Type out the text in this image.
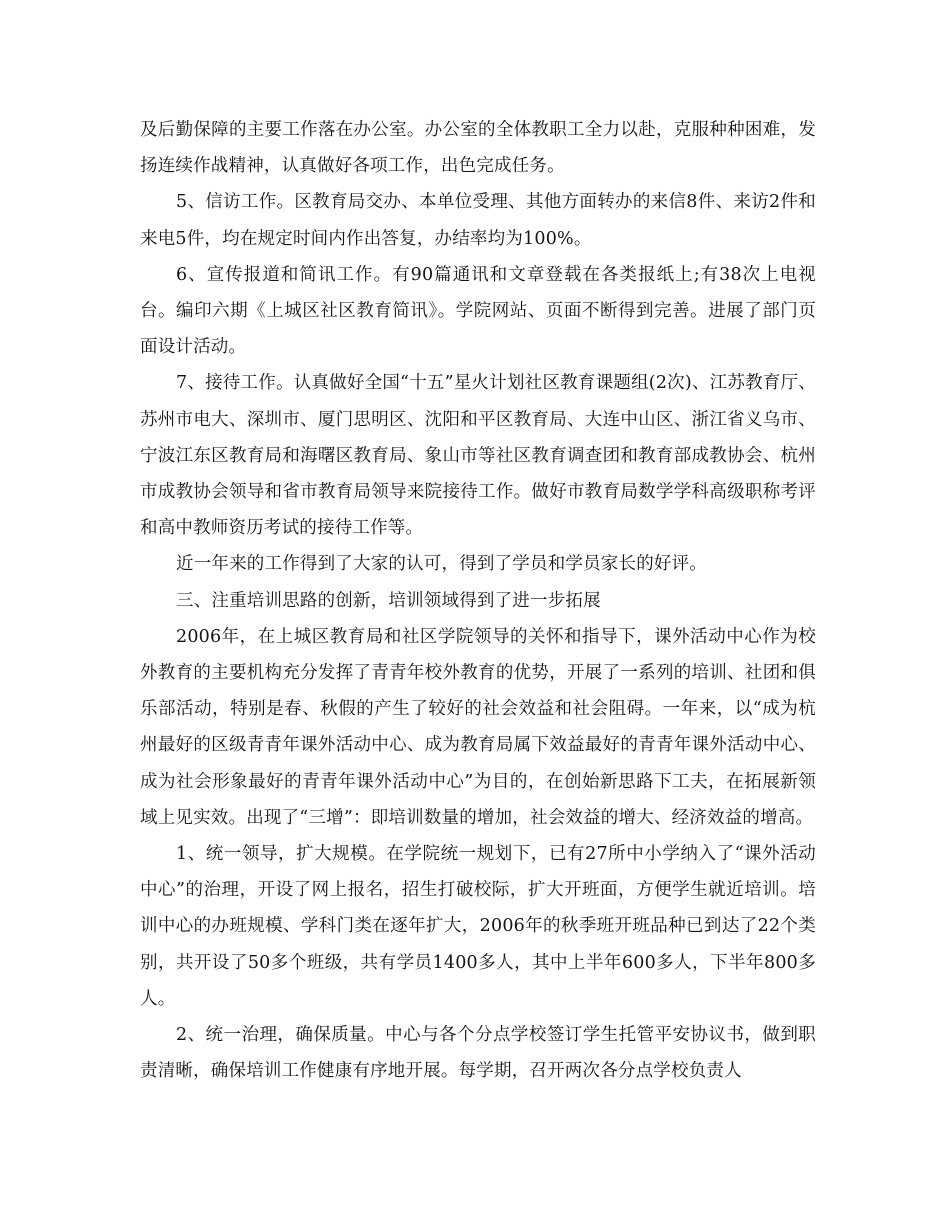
及后勤保障的主要工作落在办公室。办公室的全体教职工全力以赴，克服种种困难，发扬连续作战精神，认真做好各项工作，出色完成任务。

5、信访工作。区教育局交办、本单位受理、其他方面转办的来信8件、来访2件和来电5件，均在规定时间内作出答复，办结率均为100%。

6、宣传报道和简讯工作。有90篇通讯和文章登载在各类报纸上;有38次上电视台。编印六期《上城区社区教育简讯》。学院网站、页面不断得到完善。进展了部门页面设计活动。

7、接待工作。认真做好全国“十五”星火计划社区教育课题组(2次)、江苏教育厅、苏州市电大、深圳市、厦门思明区、沈阳和平区教育局、大连中山区、浙江省义乌市、宁波江东区教育局和海曙区教育局、象山市等社区教育调查团和教育部成教协会、杭州市成教协会领导和省市教育局领导来院接待工作。做好市教育局数学学科高级职称考评和高中教师资历考试的接待工作等。

近一年来的工作得到了大家的认可，得到了学员和学员家长的好评。

三、注重培训思路的创新，培训领域得到了进一步拓展

2006年，在上城区教育局和社区学院领导的关怀和指导下，课外活动中心作为校外教育的主要机构充分发挥了青青年校外教育的优势，开展了一系列的培训、社团和俱乐部活动，特别是春、秋假的产生了较好的社会效益和社会阻碍。一年来，以“成为杭州最好的区级青青年课外活动中心、成为教育局属下效益最好的青青年课外活动中心、成为社会形象最好的青青年课外活动中心”为目的，在创始新思路下工夫，在拓展新领域上见实效。出现了“三增”：即培训数量的增加，社会效益的增大、经济效益的增高。

1、统一领导，扩大规模。在学院统一规划下，已有27所中小学纳入了“课外活动中心”的治理，开设了网上报名，招生打破校际，扩大开班面，方便学生就近培训。培训中心的办班规模、学科门类在逐年扩大，2006年的秋季班开班品种已到达了22个类别，共开设了50多个班级，共有学员1400多人，其中上半年600多人，下半年800多人。

2、统一治理，确保质量。中心与各个分点学校签订学生托管平安协议书，做到职责清晰，确保培训工作健康有序地开展。每学期，召开两次各分点学校负责人
